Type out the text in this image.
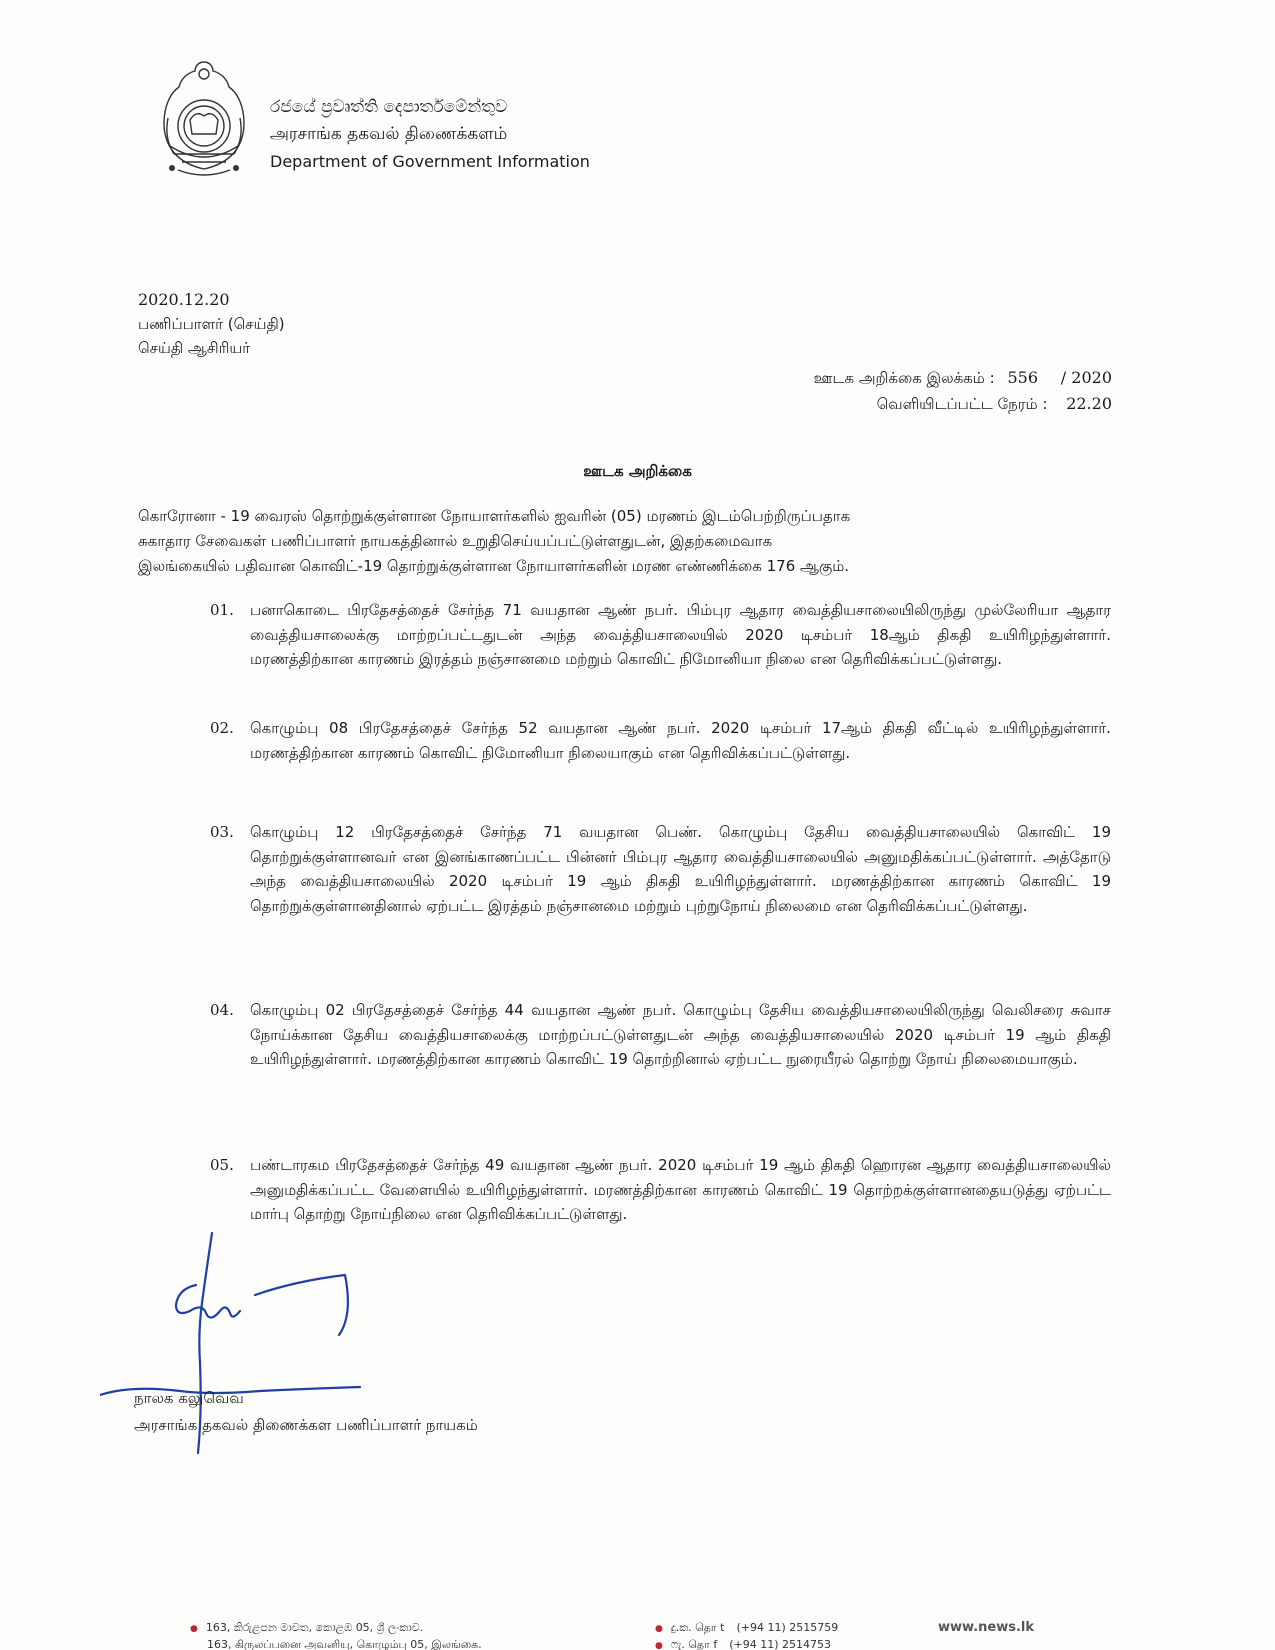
රජයේ ප්‍රවෘත්ති දෙපාර්තමේන්තුව
அரசாங்க தகவல் திணைக்களம்
Department of Government Information
2020.12.20
பணிப்பாளர் (செய்தி)
செய்தி ஆசிரியர்
ஊடக அறிக்கை இலக்கம் : 556 / 2020
வெளியிடப்பட்ட நேரம் : 22.20
ஊடக அறிக்கை
கொரோனா - 19 வைரஸ் தொற்றுக்குள்ளான நோயாளர்களில் ஐவரின் (05) மரணம் இடம்பெற்றிருப்பதாக
சுகாதார சேவைகள் பணிப்பாளர் நாயகத்தினால் உறுதிசெய்யப்பட்டுள்ளதுடன், இதற்கமைவாக
இலங்கையில் பதிவான கொவிட்-19 தொற்றுக்குள்ளான நோயாளர்களின் மரண எண்ணிக்கை 176 ஆகும்.
01. பனாகொடை பிரதேசத்தைச் சேர்ந்த 71 வயதான ஆண் நபர். பிம்புர ஆதார வைத்தியசாலையிலிருந்து முல்லேரியா ஆதார வைத்தியசாலைக்கு மாற்றப்பட்டதுடன் அந்த வைத்தியசாலையில் 2020 டிசம்பர் 18ஆம் திகதி உயிரிழந்துள்ளார். மரணத்திற்கான காரணம் இரத்தம் நஞ்சானமை மற்றும் கொவிட் நிமோனியா நிலை என தெரிவிக்கப்பட்டுள்ளது.
02. கொழும்பு 08 பிரதேசத்தைச் சேர்ந்த 52 வயதான ஆண் நபர். 2020 டிசம்பர் 17ஆம் திகதி வீட்டில் உயிரிழந்துள்ளார். மரணத்திற்கான காரணம் கொவிட் நிமோனியா நிலையாகும் என தெரிவிக்கப்பட்டுள்ளது.
03. கொழும்பு 12 பிரதேசத்தைச் சேர்ந்த 71 வயதான பெண். கொழும்பு தேசிய வைத்தியசாலையில் கொவிட் 19 தொற்றுக்குள்ளானவர் என இனங்காணப்பட்ட பின்னர் பிம்புர ஆதார வைத்தியசாலையில் அனுமதிக்கப்பட்டுள்ளார். அத்தோடு அந்த வைத்தியசாலையில் 2020 டிசம்பர் 19 ஆம் திகதி உயிரிழந்துள்ளார். மரணத்திற்கான காரணம் கொவிட் 19 தொற்றுக்குள்ளானதினால் ஏற்பட்ட இரத்தம் நஞ்சானமை மற்றும் புற்றுநோய் நிலைமை என தெரிவிக்கப்பட்டுள்ளது.
04. கொழும்பு 02 பிரதேசத்தைச் சேர்ந்த 44 வயதான ஆண் நபர். கொழும்பு தேசிய வைத்தியசாலையிலிருந்து வெலிசரை சுவாச நோய்க்கான தேசிய வைத்தியசாலைக்கு மாற்றப்பட்டுள்ளதுடன் அந்த வைத்தியசாலையில் 2020 டிசம்பர் 19 ஆம் திகதி உயிரிழந்துள்ளார். மரணத்திற்கான காரணம் கொவிட் 19 தொற்றினால் ஏற்பட்ட நுரையீரல் தொற்று நோய் நிலைமையாகும்.
05. பண்டாரகம பிரதேசத்தைச் சேர்ந்த 49 வயதான ஆண் நபர். 2020 டிசம்பர் 19 ஆம் திகதி ஹொரன ஆதார வைத்தியசாலையில் அனுமதிக்கப்பட்ட வேளையில் உயிரிழந்துள்ளார். மரணத்திற்கான காரணம் கொவிட் 19 தொற்றக்குள்ளானதையடுத்து ஏற்பட்ட மார்பு தொற்று நோய்நிலை என தெரிவிக்கப்பட்டுள்ளது.
நாலக கலுவெவ
அரசாங்க தகவல் திணைக்கள பணிப்பாளர் நாயகம்
● 163, කිරුළපන මාවත, කොළඹ 05, ශ්‍රී ලංකාව.
163, கிருலப்பனை அவனியு, கொழும்பு 05, இலங்கை.
● දු.ක. தொ t (+94 11) 2515759
● ෆැ. தொ f (+94 11) 2514753
www.news.lk
